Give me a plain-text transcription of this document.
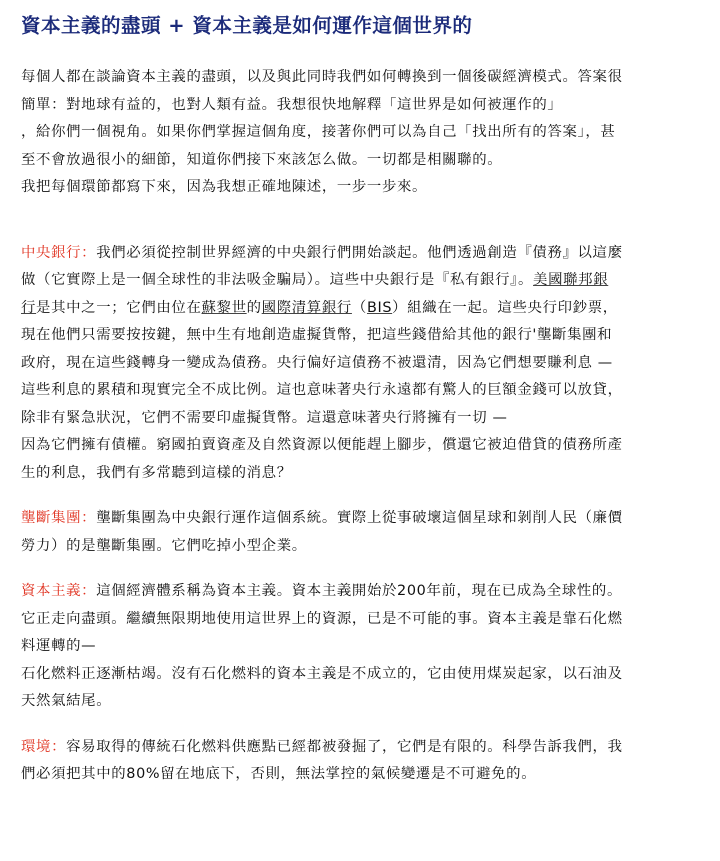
資本主義的盡頭 + 資本主義是如何運作這個世界的

每個人都在談論資本主義的盡頭，以及與此同時我們如何轉換到一個後碳經濟模式。答案很
簡單：對地球有益的，也對人類有益。我想很快地解釋「這世界是如何被運作的」
，給你們一個視角。如果你們掌握這個角度，接著你們可以為自己「找出所有的答案」，甚
至不會放過很小的細節，知道你們接下來該怎么做。一切都是相關聯的。
我把每個環節都寫下來，因為我想正確地陳述，一步一步來。

中央銀行：我們必須從控制世界經濟的中央銀行們開始談起。他們透過創造『債務』以這麼
做（它實際上是一個全球性的非法吸金騙局）。這些中央銀行是『私有銀行』。美國聯邦銀
行是其中之一；它們由位在蘇黎世的國際清算銀行（BIS）組織在一起。這些央行印鈔票，
現在他們只需要按按鍵，無中生有地創造虛擬貨幣，把這些錢借給其他的銀行'壟斷集團和
政府，現在這些錢轉身一變成為債務。央行偏好這債務不被還清，因為它們想要賺利息 —
這些利息的累積和現實完全不成比例。這也意味著央行永遠都有驚人的巨額金錢可以放貸，
除非有緊急狀況，它們不需要印虛擬貨幣。這還意味著央行將擁有一切 —
因為它們擁有債權。窮國拍賣資產及自然資源以便能趕上腳步，償還它被迫借貸的債務所產
生的利息，我們有多常聽到這樣的消息？

壟斷集團：壟斷集團為中央銀行運作這個系統。實際上從事破壞這個星球和剝削人民（廉價
勞力）的是壟斷集團。它們吃掉小型企業。

資本主義：這個經濟體系稱為資本主義。資本主義開始於200年前，現在已成為全球性的。
它正走向盡頭。繼續無限期地使用這世界上的資源，已是不可能的事。資本主義是靠石化燃
料運轉的—
石化燃料正逐漸枯竭。沒有石化燃料的資本主義是不成立的，它由使用煤炭起家，以石油及
天然氣結尾。

環境：容易取得的傳統石化燃料供應點已經都被發掘了，它們是有限的。科學告訴我們，我
們必須把其中的80%留在地底下，否則，無法掌控的氣候變遷是不可避免的。
